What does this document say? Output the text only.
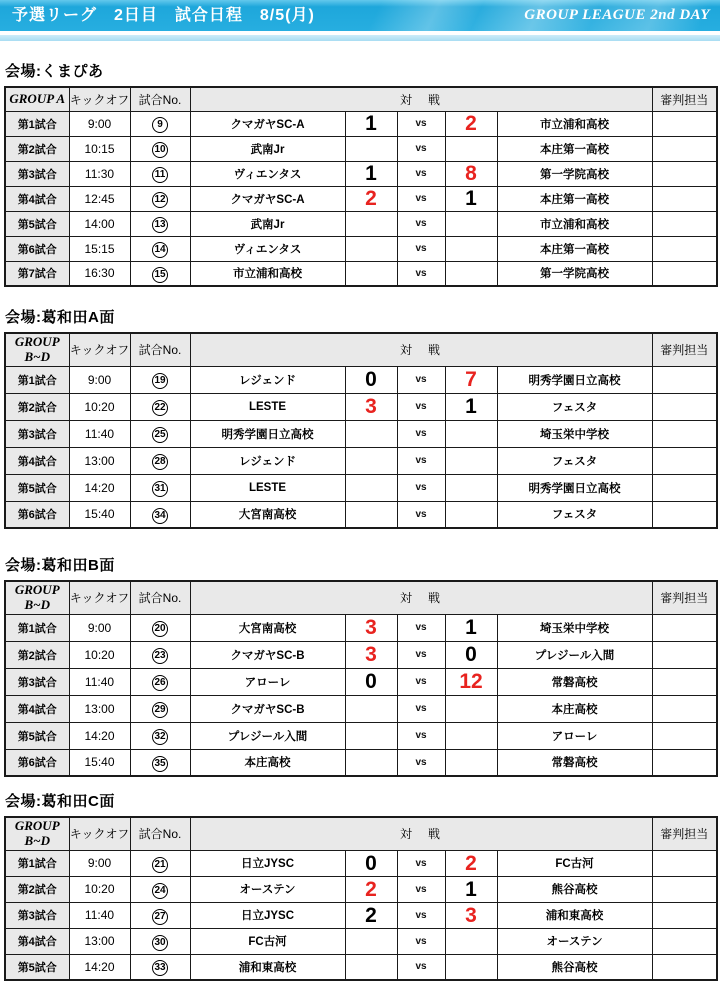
予選リーグ　2日目　試合日程　8/5(月)	GROUP LEAGUE 2nd DAY
会場:くまぴあ
GROUP A	キックオフ	試合No.	対　戦					審判担当
第1試合	9:00	9	クマガヤSC-A	1	vs	2	市立浦和高校	
第2試合	10:15	10	武南Jr		vs		本庄第一高校	
第3試合	11:30	11	ヴィエンタス	1	vs	8	第一学院高校	
第4試合	12:45	12	クマガヤSC-A	2	vs	1	本庄第一高校	
第5試合	14:00	13	武南Jr		vs		市立浦和高校	
第6試合	15:15	14	ヴィエンタス		vs		本庄第一高校	
第7試合	16:30	15	市立浦和高校		vs		第一学院高校	
会場:葛和田A面
GROUP
B~D	キックオフ	試合No.	対　戦					審判担当
第1試合	9:00	19	レジェンド	0	vs	7	明秀学園日立高校	
第2試合	10:20	22	LESTE	3	vs	1	フェスタ	
第3試合	11:40	25	明秀学園日立高校		vs		埼玉栄中学校	
第4試合	13:00	28	レジェンド		vs		フェスタ	
第5試合	14:20	31	LESTE		vs		明秀学園日立高校	
第6試合	15:40	34	大宮南高校		vs		フェスタ	
会場:葛和田B面
GROUP
B~D	キックオフ	試合No.	対　戦					審判担当
第1試合	9:00	20	大宮南高校	3	vs	1	埼玉栄中学校	
第2試合	10:20	23	クマガヤSC-B	3	vs	0	プレジール入間	
第3試合	11:40	26	アローレ	0	vs	12	常磐高校	
第4試合	13:00	29	クマガヤSC-B		vs		本庄高校	
第5試合	14:20	32	プレジール入間		vs		アローレ	
第6試合	15:40	35	本庄高校		vs		常磐高校	
会場:葛和田C面
GROUP
B~D	キックオフ	試合No.	対　戦					審判担当
第1試合	9:00	21	日立JYSC	0	vs	2	FC古河	
第2試合	10:20	24	オーステン	2	vs	1	熊谷高校	
第3試合	11:40	27	日立JYSC	2	vs	3	浦和東高校	
第4試合	13:00	30	FC古河		vs		オーステン	
第5試合	14:20	33	浦和東高校		vs		熊谷高校	
